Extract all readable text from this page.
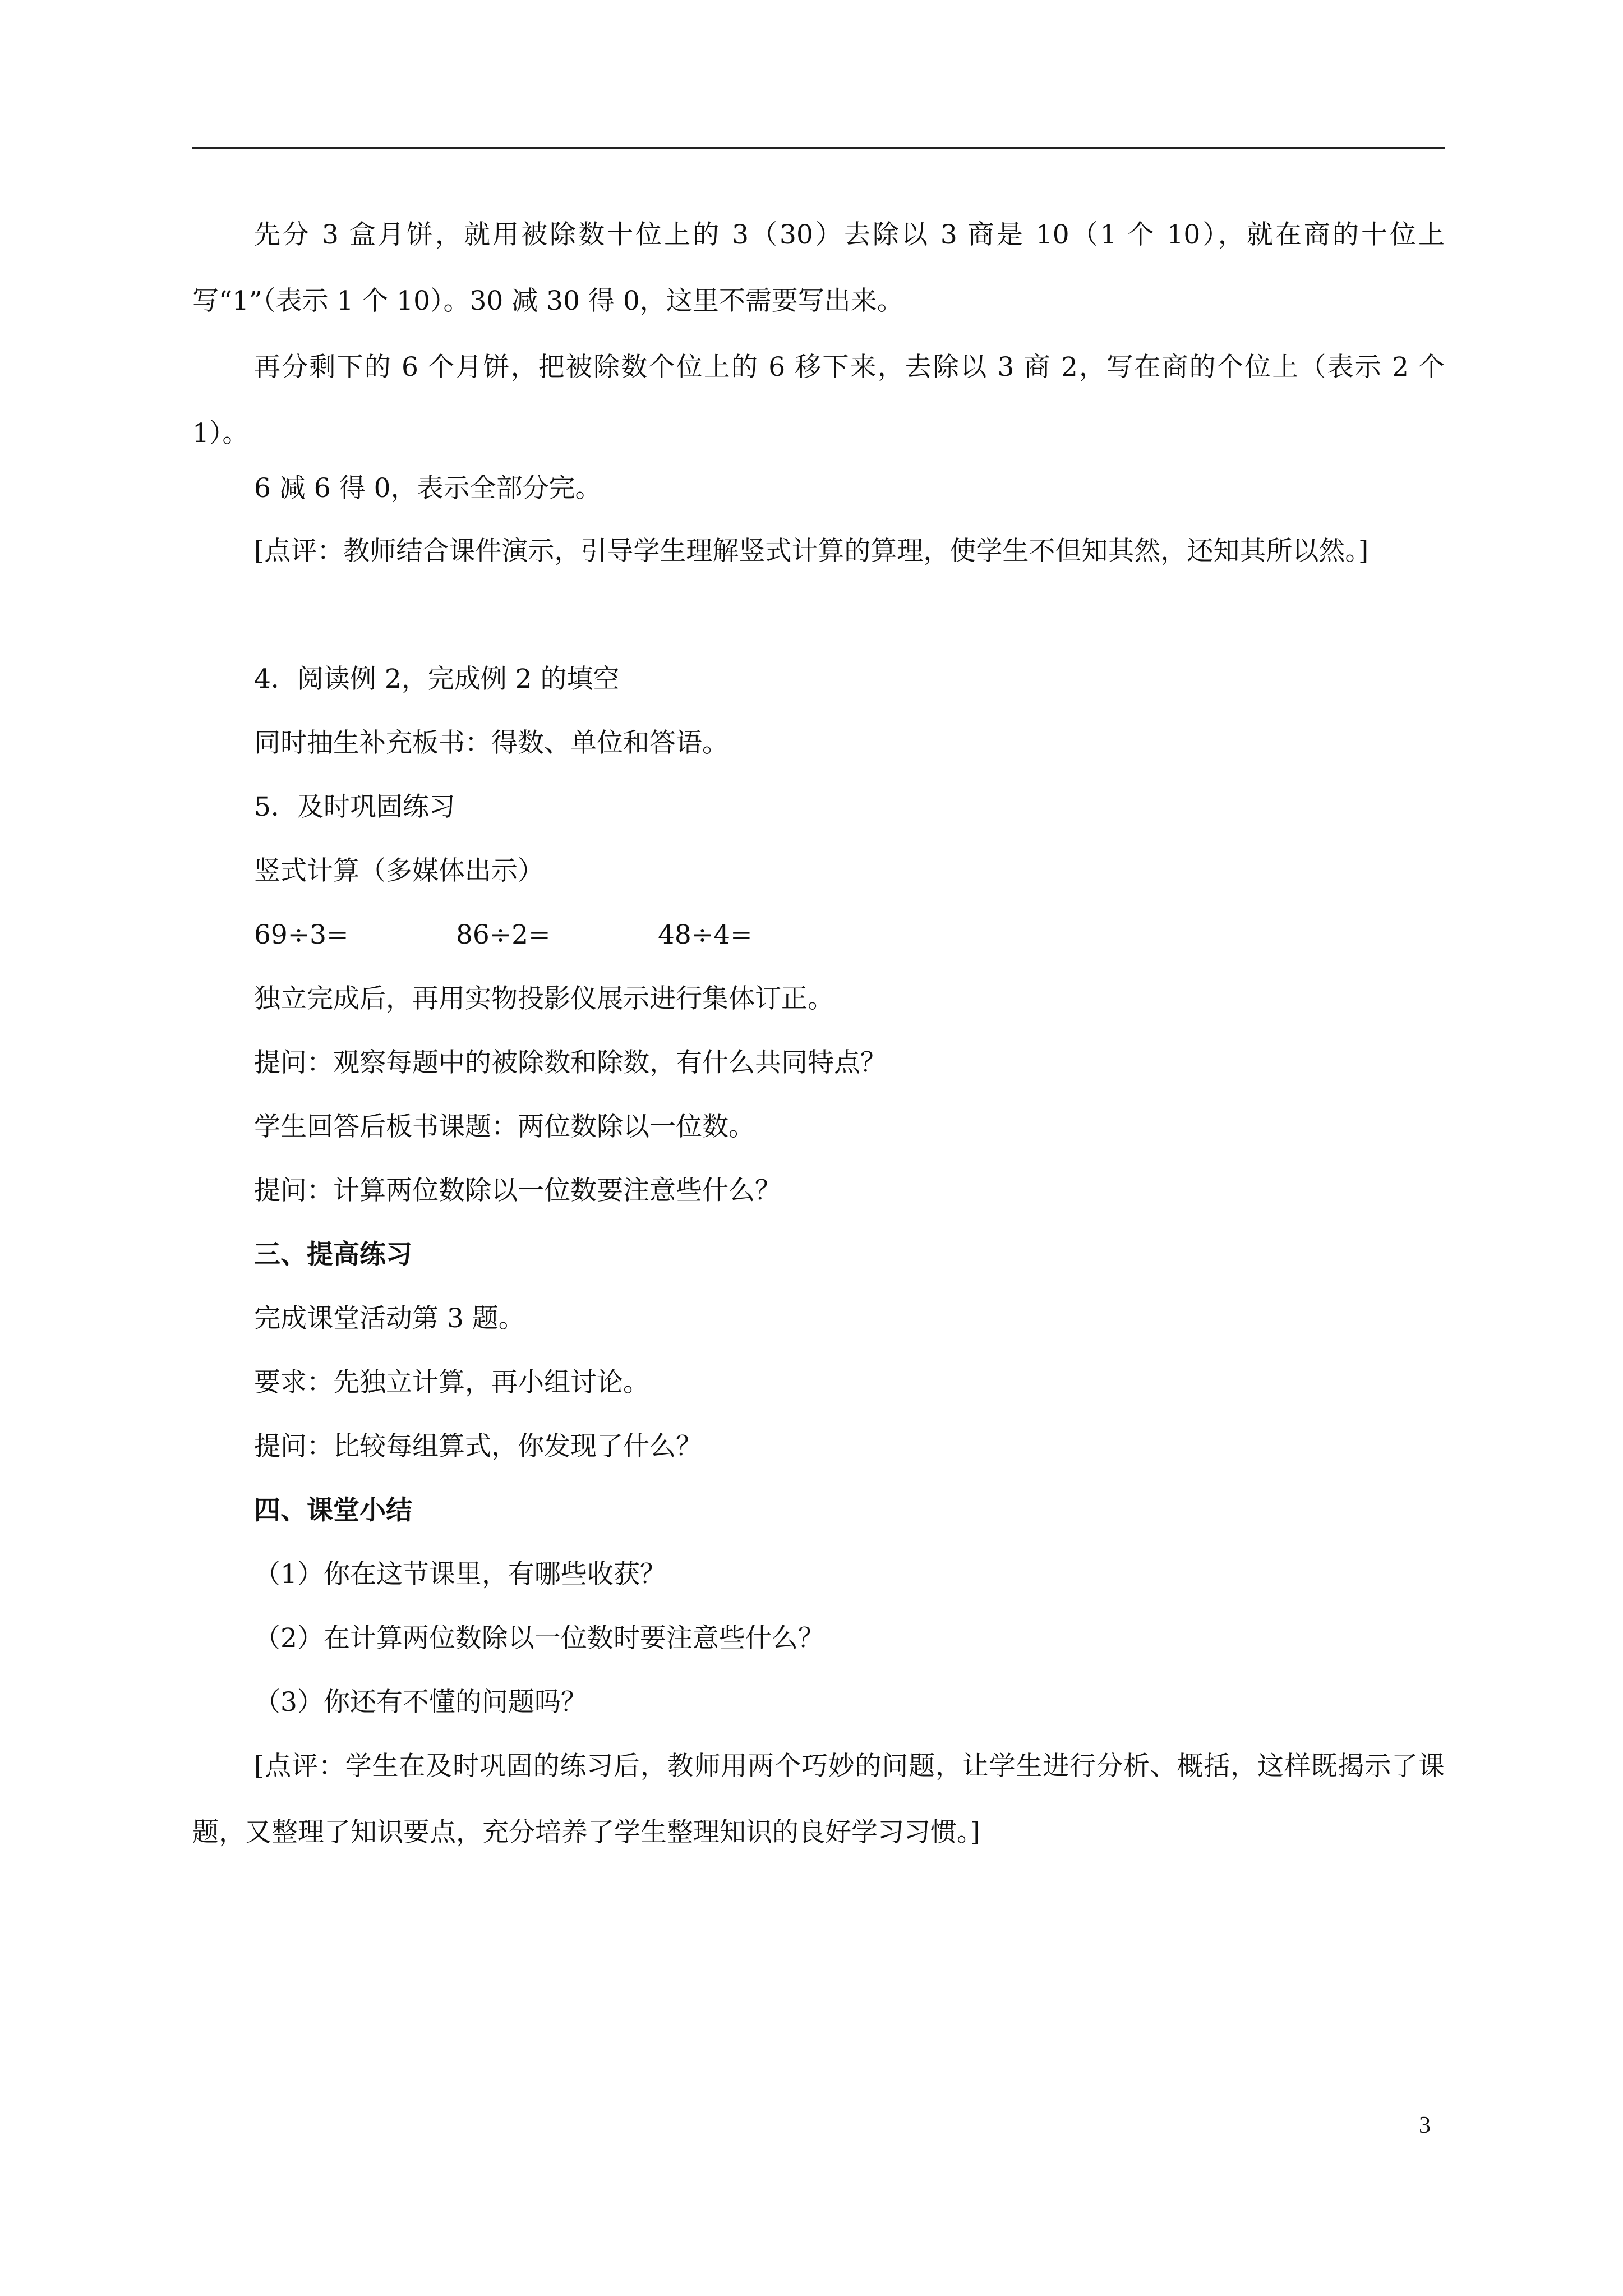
先分 3 盒月饼，就用被除数十位上的 3（30）去除以 3 商是 10（1 个 10），就在商的十位上写“1”（表示 1 个 10）。30 减 30 得 0，这里不需要写出来。

再分剩下的 6 个月饼，把被除数个位上的 6 移下来，去除以 3 商 2，写在商的个位上（表示 2 个 1）。

6 减 6 得 0，表示全部分完。

[点评：教师结合课件演示，引导学生理解竖式计算的算理，使学生不但知其然，还知其所以然。]

4．阅读例 2，完成例 2 的填空

同时抽生补充板书：得数、单位和答语。

5．及时巩固练习

竖式计算（多媒体出示）

69÷3=	86÷2=	48÷4=

独立完成后，再用实物投影仪展示进行集体订正。

提问：观察每题中的被除数和除数，有什么共同特点？

学生回答后板书课题：两位数除以一位数。

提问：计算两位数除以一位数要注意些什么？

三、提高练习

完成课堂活动第 3 题。

要求：先独立计算，再小组讨论。

提问：比较每组算式，你发现了什么？

四、课堂小结

（1）你在这节课里，有哪些收获？

（2）在计算两位数除以一位数时要注意些什么？

（3）你还有不懂的问题吗？

[点评：学生在及时巩固的练习后，教师用两个巧妙的问题，让学生进行分析、概括，这样既揭示了课题，又整理了知识要点，充分培养了学生整理知识的良好学习习惯。]

3
